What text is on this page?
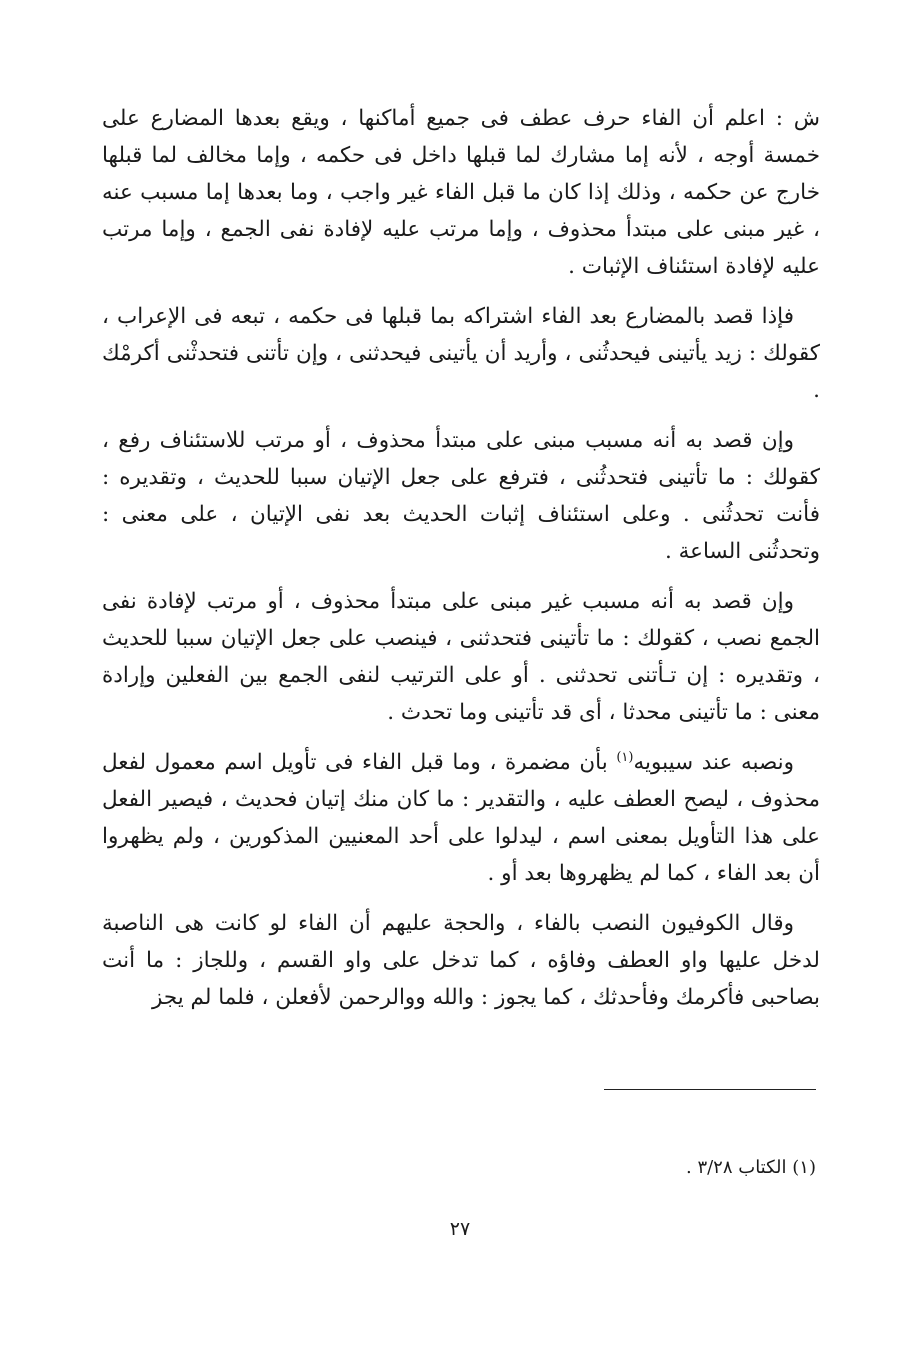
ش : اعلم أن الفاء حرف عطف فى جميع أماكنها ، ويقع بعدها المضارع على خمسة أوجه ، لأنه إما مشارك لما قبلها داخل فى حكمه ، وإما مخالف لما قبلها خارج عن حكمه ، وذلك إذا كان ما قبل الفاء غير واجب ، وما بعدها إما مسبب عنه ، غير مبنى على مبتدأ محذوف ، وإما مرتب عليه لإفادة نفى الجمع ، وإما مرتب عليه لإفادة استئناف الإثبات .

فإذا قصد بالمضارع بعد الفاء اشتراكه بما قبلها فى حكمه ، تبعه فى الإعراب ، كقولك : زيد يأتينى فيحدثُنى ، وأريد أن يأتينى فيحدثنى ، وإن تأتنى فتحدثْنى أكرمْك .

وإن قصد به أنه مسبب مبنى على مبتدأ محذوف ، أو مرتب للاستئناف رفع ، كقولك : ما تأتينى فتحدثُنى ، فترفع على جعل الإتيان سببا للحديث ، وتقديره : فأنت تحدثُنى . وعلى استئناف إثبات الحديث بعد نفى الإتيان ، على معنى : وتحدثُنى الساعة .

وإن قصد به أنه مسبب غير مبنى على مبتدأ محذوف ، أو مرتب لإفادة نفى الجمع نصب ، كقولك : ما تأتينى فتحدثنى ، فينصب على جعل الإتيان سببا للحديث ، وتقديره : إن تـأتنى تحدثنى . أو على الترتيب لنفى الجمع بين الفعلين وإرادة معنى : ما تأتينى محدثا ، أى قد تأتينى وما تحدث .

ونصبه عند سيبويه$^{(١)}$ بأن مضمرة ، وما قبل الفاء فى تأويل اسم معمول لفعل محذوف ، ليصح العطف عليه ، والتقدير : ما كان منك إتيان فحديث ، فيصير الفعل على هذا التأويل بمعنى اسم ، ليدلوا على أحد المعنيين المذكورين ، ولم يظهروا أن بعد الفاء ، كما لم يظهروها بعد أو .

وقال الكوفيون النصب بالفاء ، والحجة عليهم أن الفاء لو كانت هى الناصبة لدخل عليها واو العطف وفاؤه ، كما تدخل على واو القسم ، وللجاز : ما أنت بصاحبى فأكرمك وفأحدثك ، كما يجوز : والله ووالرحمن لأفعلن ، فلما لم يجز

(١) الكتاب ٣/٢٨ .
٢٧
